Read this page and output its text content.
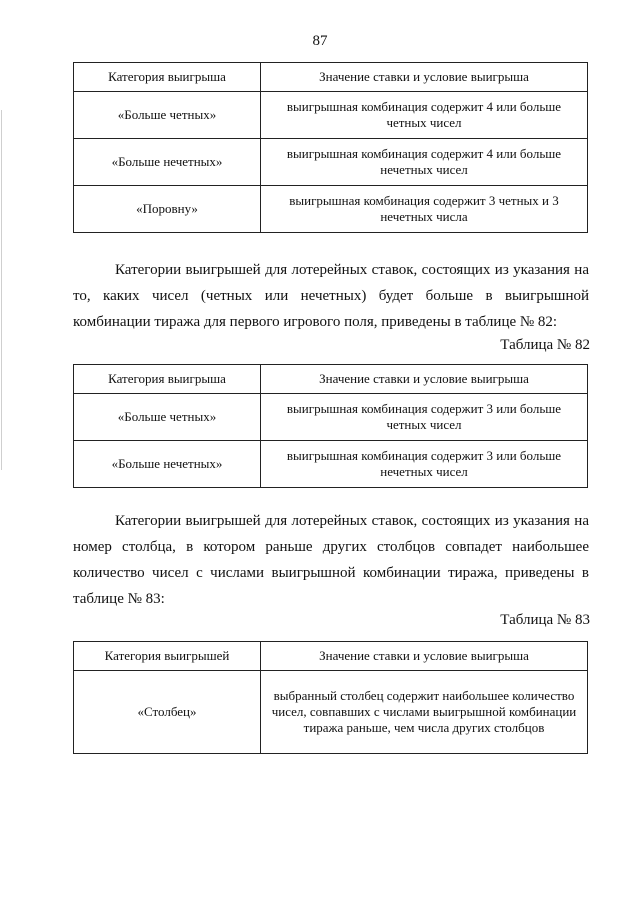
87
Категория выигрыша	Значение ставки и условие выигрыша
«Больше четных»	выигрышная комбинация содержит 4 или больше четных чисел
«Больше нечетных»	выигрышная комбинация содержит 4 или больше нечетных чисел
«Поровну»	выигрышная комбинация содержит 3 четных и 3 нечетных числа
Категории выигрышей для лотерейных ставок, состоящих из указания на то, каких чисел (четных или нечетных) будет больше в выигрышной комбинации тиража для первого игрового поля, приведены в таблице № 82:
Таблица № 82
Категория выигрыша	Значение ставки и условие выигрыша
«Больше четных»	выигрышная комбинация содержит 3 или больше четных чисел
«Больше нечетных»	выигрышная комбинация содержит 3 или больше нечетных чисел
Категории выигрышей для лотерейных ставок, состоящих из указания на номер столбца, в котором раньше других столбцов совпадет наибольшее количество чисел с числами выигрышной комбинации тиража, приведены в таблице № 83:
Таблица № 83
Категория выигрышей	Значение ставки и условие выигрыша
«Столбец»	выбранный столбец содержит наибольшее количество чисел, совпавших с числами выигрышной комбинации тиража раньше, чем числа других столбцов
